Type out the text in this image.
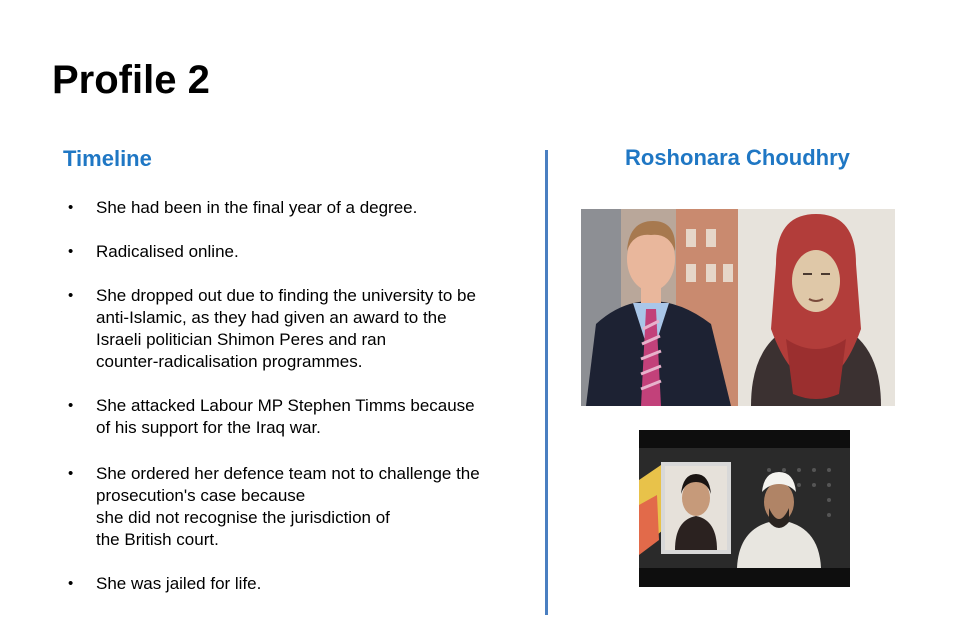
Profile 2
Timeline	Roshonara Choudhry
• She had been in the final year of a degree.
• Radicalised online.
• She dropped out due to finding the university to be
anti-Islamic, as they had given an award to the
Israeli politician Shimon Peres and ran
counter-radicalisation programmes.
• She attacked Labour MP Stephen Timms because
of his support for the Iraq war.
• She ordered her defence team not to challenge the
prosecution's case because
she did not recognise the jurisdiction of
the British court.
• She was jailed for life.
